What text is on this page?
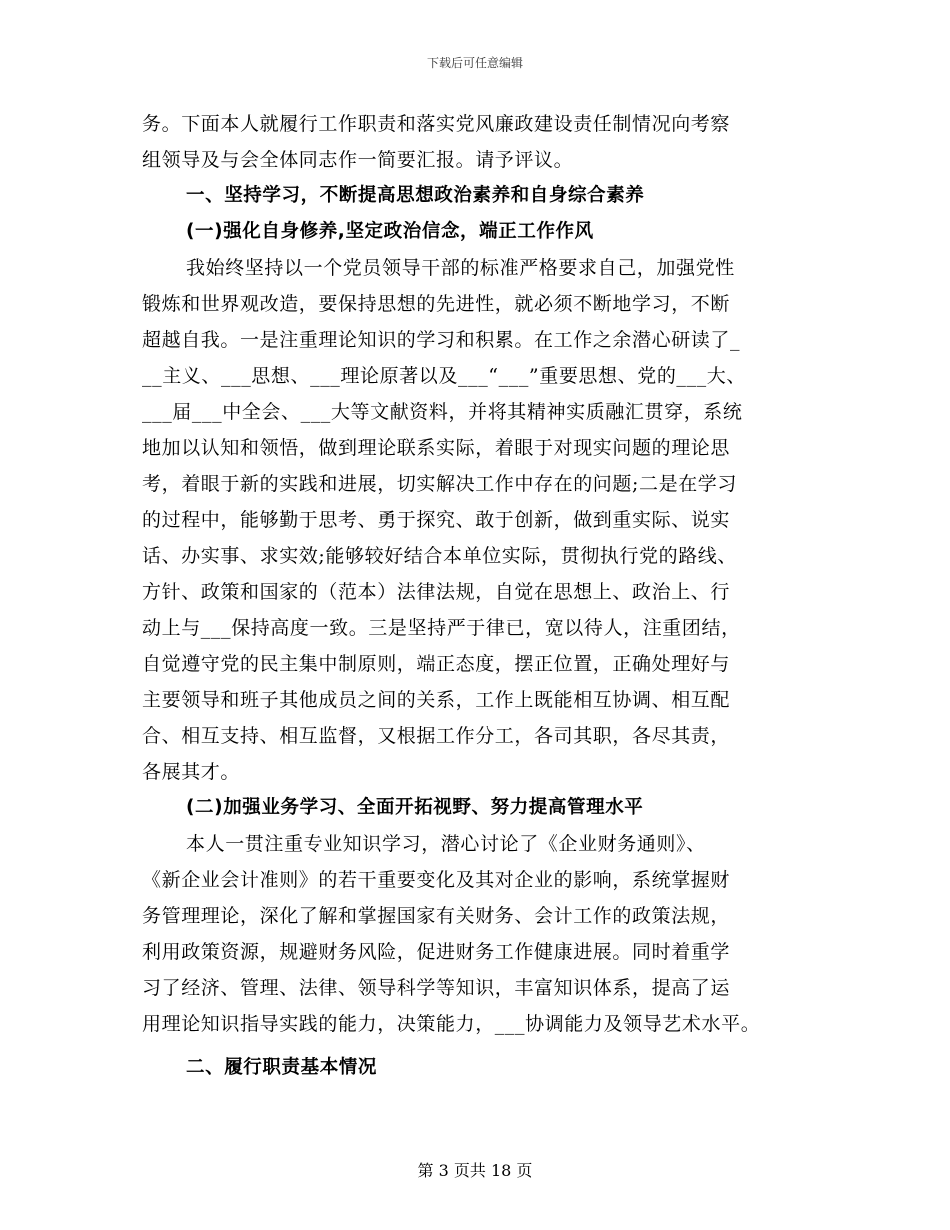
下载后可任意编辑
务。下面本人就履行工作职责和落实党风廉政建设责任制情况向考察
组领导及与会全体同志作一简要汇报。请予评议。
一、坚持学习，不断提高思想政治素养和自身综合素养
(一)强化自身修养,坚定政治信念，端正工作作风
我始终坚持以一个党员领导干部的标准严格要求自己，加强党性
锻炼和世界观改造，要保持思想的先进性，就必须不断地学习，不断
超越自我。一是注重理论知识的学习和积累。在工作之余潜心研读了_
__主义、___思想、___理论原著以及___“___”重要思想、党的___大、
___届___中全会、___大等文献资料，并将其精神实质融汇贯穿，系统
地加以认知和领悟，做到理论联系实际，着眼于对现实问题的理论思
考，着眼于新的实践和进展，切实解决工作中存在的问题;二是在学习
的过程中，能够勤于思考、勇于探究、敢于创新，做到重实际、说实
话、办实事、求实效;能够较好结合本单位实际，贯彻执行党的路线、
方针、政策和国家的（范本）法律法规，自觉在思想上、政治上、行
动上与___保持高度一致。三是坚持严于律已，宽以待人，注重团结，
自觉遵守党的民主集中制原则，端正态度，摆正位置，正确处理好与
主要领导和班子其他成员之间的关系，工作上既能相互协调、相互配
合、相互支持、相互监督，又根据工作分工，各司其职，各尽其责，
各展其才。
(二)加强业务学习、全面开拓视野、努力提高管理水平
本人一贯注重专业知识学习，潜心讨论了《企业财务通则》、
《新企业会计准则》的若干重要变化及其对企业的影响，系统掌握财
务管理理论，深化了解和掌握国家有关财务、会计工作的政策法规，
利用政策资源，规避财务风险，促进财务工作健康进展。同时着重学
习了经济、管理、法律、领导科学等知识，丰富知识体系，提高了运
用理论知识指导实践的能力，决策能力，___协调能力及领导艺术水平。
二、履行职责基本情况
第 3 页共 18 页
